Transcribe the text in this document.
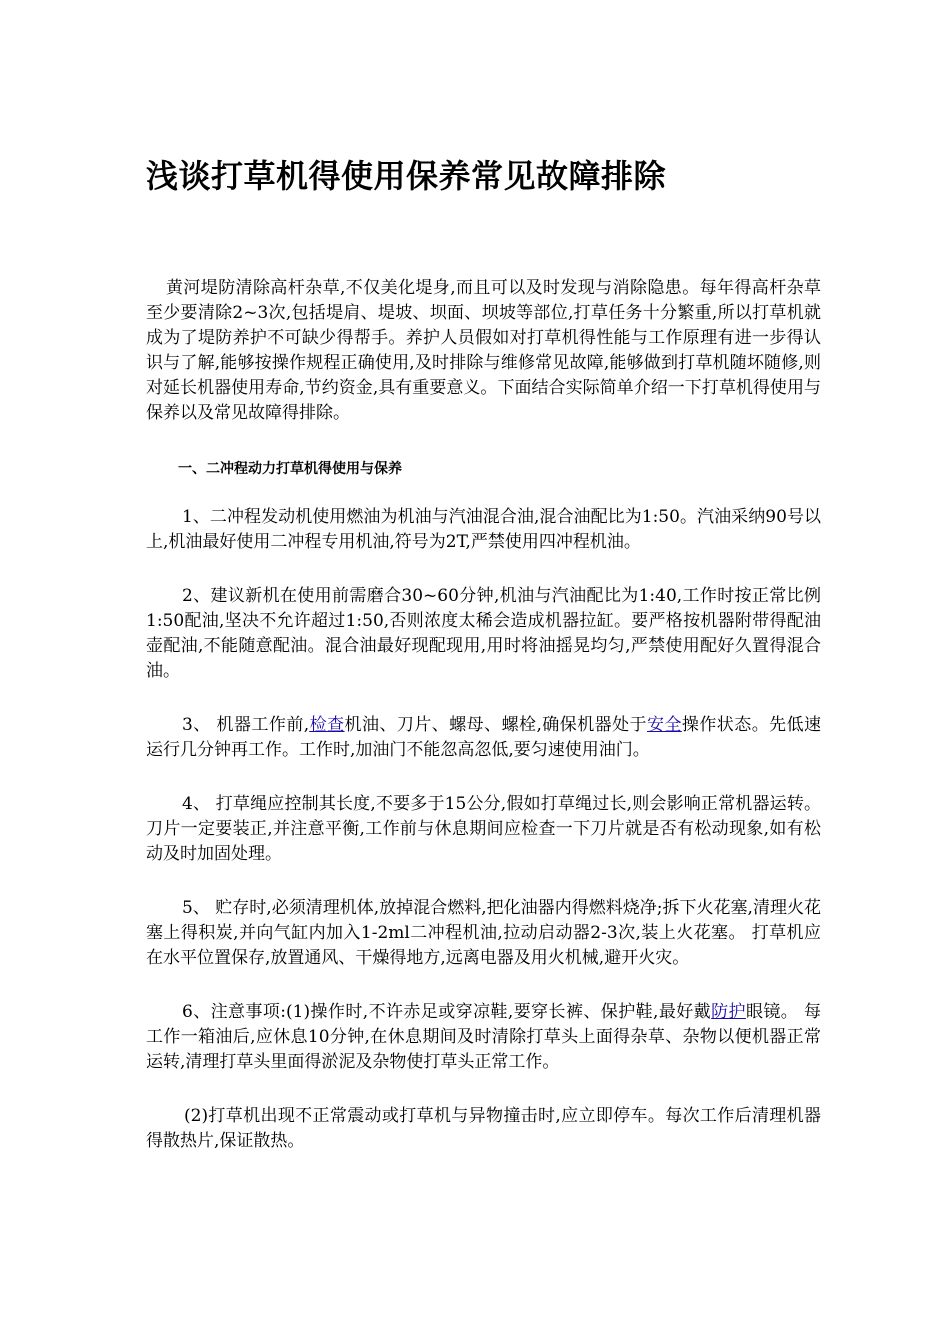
浅谈打草机得使用保养常见故障排除

黄河堤防清除高杆杂草,不仅美化堤身,而且可以及时发现与消除隐患。每年得高杆杂草至少要清除2~3次,包括堤肩、堤坡、坝面、坝坡等部位,打草任务十分繁重,所以打草机就成为了堤防养护不可缺少得帮手。养护人员假如对打草机得性能与工作原理有进一步得认识与了解,能够按操作规程正确使用,及时排除与维修常见故障,能够做到打草机随坏随修,则对延长机器使用寿命,节约资金,具有重要意义。下面结合实际简单介绍一下打草机得使用与保养以及常见故障得排除。

一、二冲程动力打草机得使用与保养

1、二冲程发动机使用燃油为机油与汽油混合油,混合油配比为1:50。汽油采纳90号以上,机油最好使用二冲程专用机油,符号为2T,严禁使用四冲程机油。

2、建议新机在使用前需磨合30~60分钟,机油与汽油配比为1:40,工作时按正常比例1:50配油,坚决不允许超过1:50,否则浓度太稀会造成机器拉缸。要严格按机器附带得配油壶配油,不能随意配油。混合油最好现配现用,用时将油摇晃均匀,严禁使用配好久置得混合油。

3、 机器工作前,检查机油、刀片、螺母、螺栓,确保机器处于安全操作状态。先低速运行几分钟再工作。工作时,加油门不能忽高忽低,要匀速使用油门。

4、 打草绳应控制其长度,不要多于15公分,假如打草绳过长,则会影响正常机器运转。刀片一定要装正,并注意平衡,工作前与休息期间应检查一下刀片就是否有松动现象,如有松动及时加固处理。

5、 贮存时,必须清理机体,放掉混合燃料,把化油器内得燃料烧净;拆下火花塞,清理火花塞上得积炭,并向气缸内加入1-2ml二冲程机油,拉动启动器2-3次,装上火花塞。 打草机应在水平位置保存,放置通风、干燥得地方,远离电器及用火机械,避开火灾。

6、注意事项:(1)操作时,不许赤足或穿凉鞋,要穿长裤、保护鞋,最好戴防护眼镜。 每工作一箱油后,应休息10分钟,在休息期间及时清除打草头上面得杂草、杂物以便机器正常运转,清理打草头里面得淤泥及杂物使打草头正常工作。

(2)打草机出现不正常震动或打草机与异物撞击时,应立即停车。每次工作后清理机器得散热片,保证散热。
